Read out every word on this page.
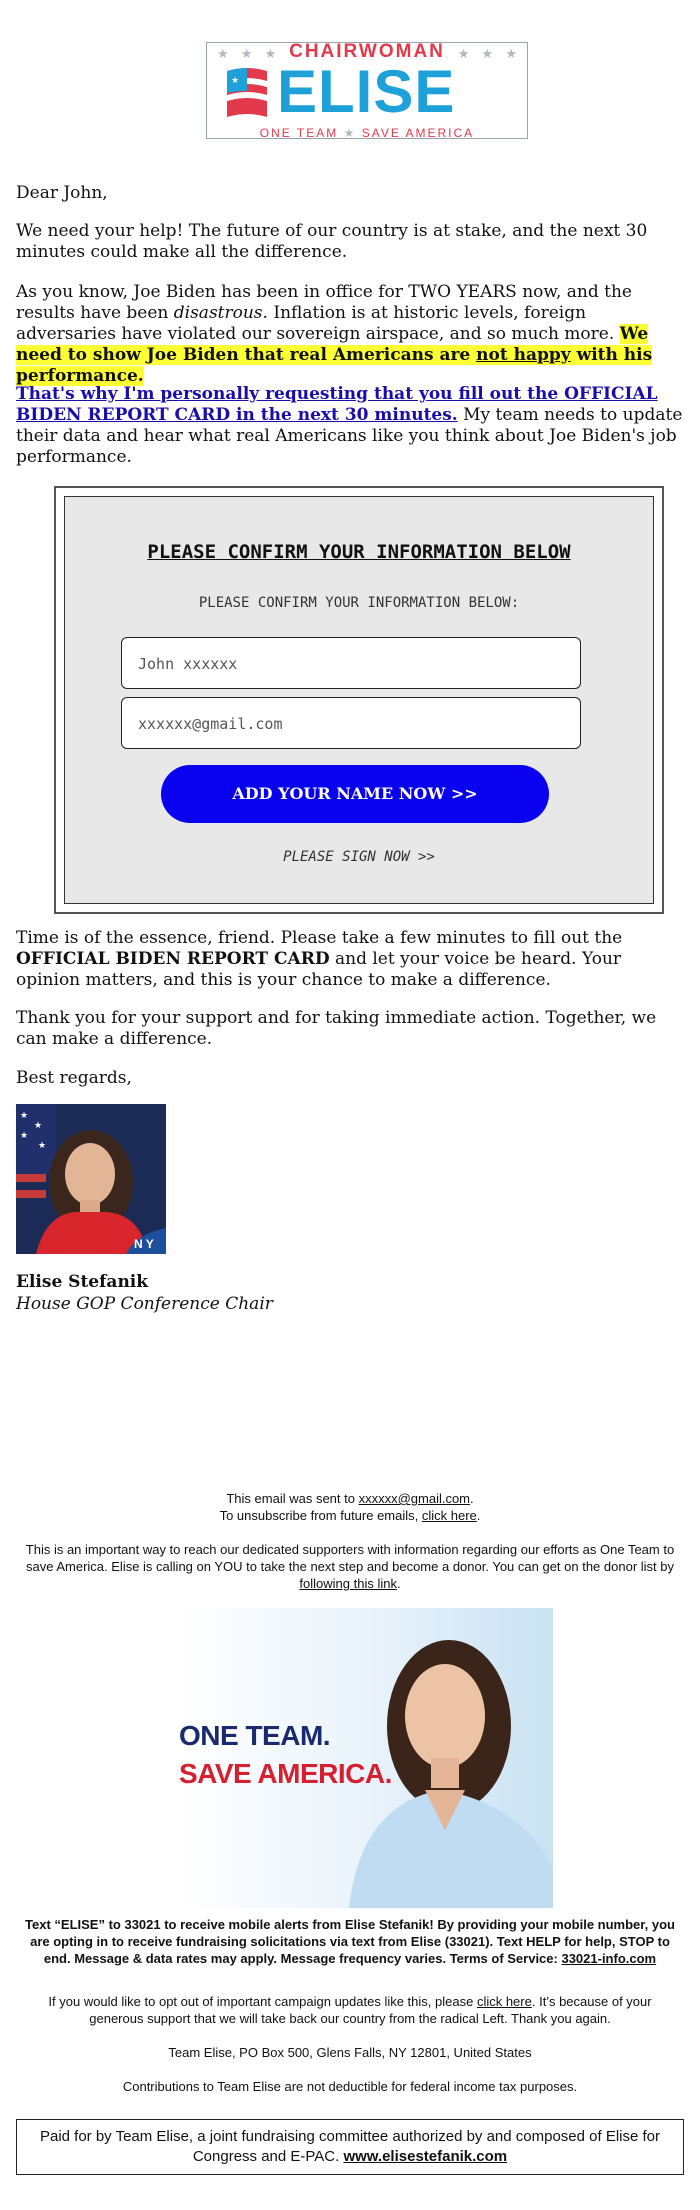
★ ★ ★	★ ★ ★
CHAIRWOMAN
★ ELISE
ONE TEAM ★ SAVE AMERICA
Dear John,
We need your help! The future of our country is at stake, and the next 30 minutes could make all the difference.
As you know, Joe Biden has been in office for TWO YEARS now, and the results have been disastrous. Inflation is at historic levels, foreign adversaries have violated our sovereign airspace, and so much more. We need to show Joe Biden that real Americans are not happy with his performance.
That's why I'm personally requesting that you fill out the OFFICIAL BIDEN REPORT CARD in the next 30 minutes. My team needs to update their data and hear what real Americans like you think about Joe Biden's job performance.
PLEASE CONFIRM YOUR INFORMATION BELOW
PLEASE CONFIRM YOUR INFORMATION BELOW:
John xxxxxx
xxxxxx@gmail.com
ADD YOUR NAME NOW >>
PLEASE SIGN NOW >>
Time is of the essence, friend. Please take a few minutes to fill out the OFFICIAL BIDEN REPORT CARD and let your voice be heard. Your opinion matters, and this is your chance to make a difference.
Thank you for your support and for taking immediate action. Together, we can make a difference.
Best regards,
★
★
★
★
N Y
Elise Stefanik
House GOP Conference Chair
This email was sent to xxxxxx@gmail.com.
To unsubscribe from future emails, click here.
This is an important way to reach our dedicated supporters with information regarding our efforts as One Team to save America. Elise is calling on YOU to take the next step and become a donor. You can get on the donor list by following this link.
ONE TEAM.
SAVE AMERICA.
Text “ELISE” to 33021 to receive mobile alerts from Elise Stefanik! By providing your mobile number, you are opting in to receive fundraising solicitations via text from Elise (33021). Text HELP for help, STOP to end. Message & data rates may apply. Message frequency varies. Terms of Service: 33021-info.com
If you would like to opt out of important campaign updates like this, please click here. It’s because of your generous support that we will take back our country from the radical Left. Thank you again.
Team Elise, PO Box 500, Glens Falls, NY 12801, United States
Contributions to Team Elise are not deductible for federal income tax purposes.
Paid for by Team Elise, a joint fundraising committee authorized by and composed of Elise for Congress and E-PAC. www.elisestefanik.com
